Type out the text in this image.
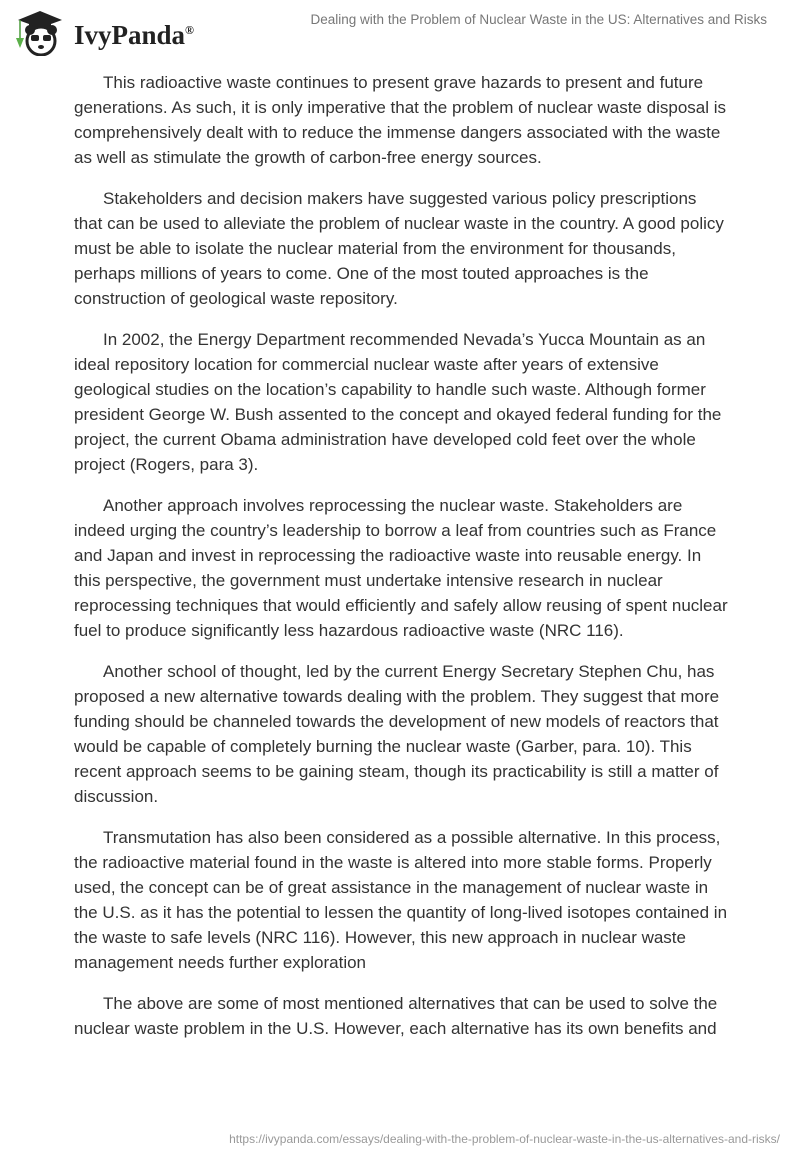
IvyPanda®
Dealing with the Problem of Nuclear Waste in the US: Alternatives and Risks

This radioactive waste continues to present grave hazards to present and future generations. As such, it is only imperative that the problem of nuclear waste disposal is comprehensively dealt with to reduce the immense dangers associated with the waste as well as stimulate the growth of carbon-free energy sources.

Stakeholders and decision makers have suggested various policy prescriptions that can be used to alleviate the problem of nuclear waste in the country. A good policy must be able to isolate the nuclear material from the environment for thousands, perhaps millions of years to come. One of the most touted approaches is the construction of geological waste repository.

In 2002, the Energy Department recommended Nevada’s Yucca Mountain as an ideal repository location for commercial nuclear waste after years of extensive geological studies on the location’s capability to handle such waste. Although former president George W. Bush assented to the concept and okayed federal funding for the project, the current Obama administration have developed cold feet over the whole project (Rogers, para 3).

Another approach involves reprocessing the nuclear waste. Stakeholders are indeed urging the country’s leadership to borrow a leaf from countries such as France and Japan and invest in reprocessing the radioactive waste into reusable energy. In this perspective, the government must undertake intensive research in nuclear reprocessing techniques that would efficiently and safely allow reusing of spent nuclear fuel to produce significantly less hazardous radioactive waste (NRC 116).

Another school of thought, led by the current Energy Secretary Stephen Chu, has proposed a new alternative towards dealing with the problem. They suggest that more funding should be channeled towards the development of new models of reactors that would be capable of completely burning the nuclear waste (Garber, para. 10). This recent approach seems to be gaining steam, though its practicability is still a matter of discussion.

Transmutation has also been considered as a possible alternative. In this process, the radioactive material found in the waste is altered into more stable forms. Properly used, the concept can be of great assistance in the management of nuclear waste in the U.S. as it has the potential to lessen the quantity of long-lived isotopes contained in the waste to safe levels (NRC 116). However, this new approach in nuclear waste management needs further exploration

The above are some of most mentioned alternatives that can be used to solve the nuclear waste problem in the U.S. However, each alternative has its own benefits and

https://ivypanda.com/essays/dealing-with-the-problem-of-nuclear-waste-in-the-us-alternatives-and-risks/
